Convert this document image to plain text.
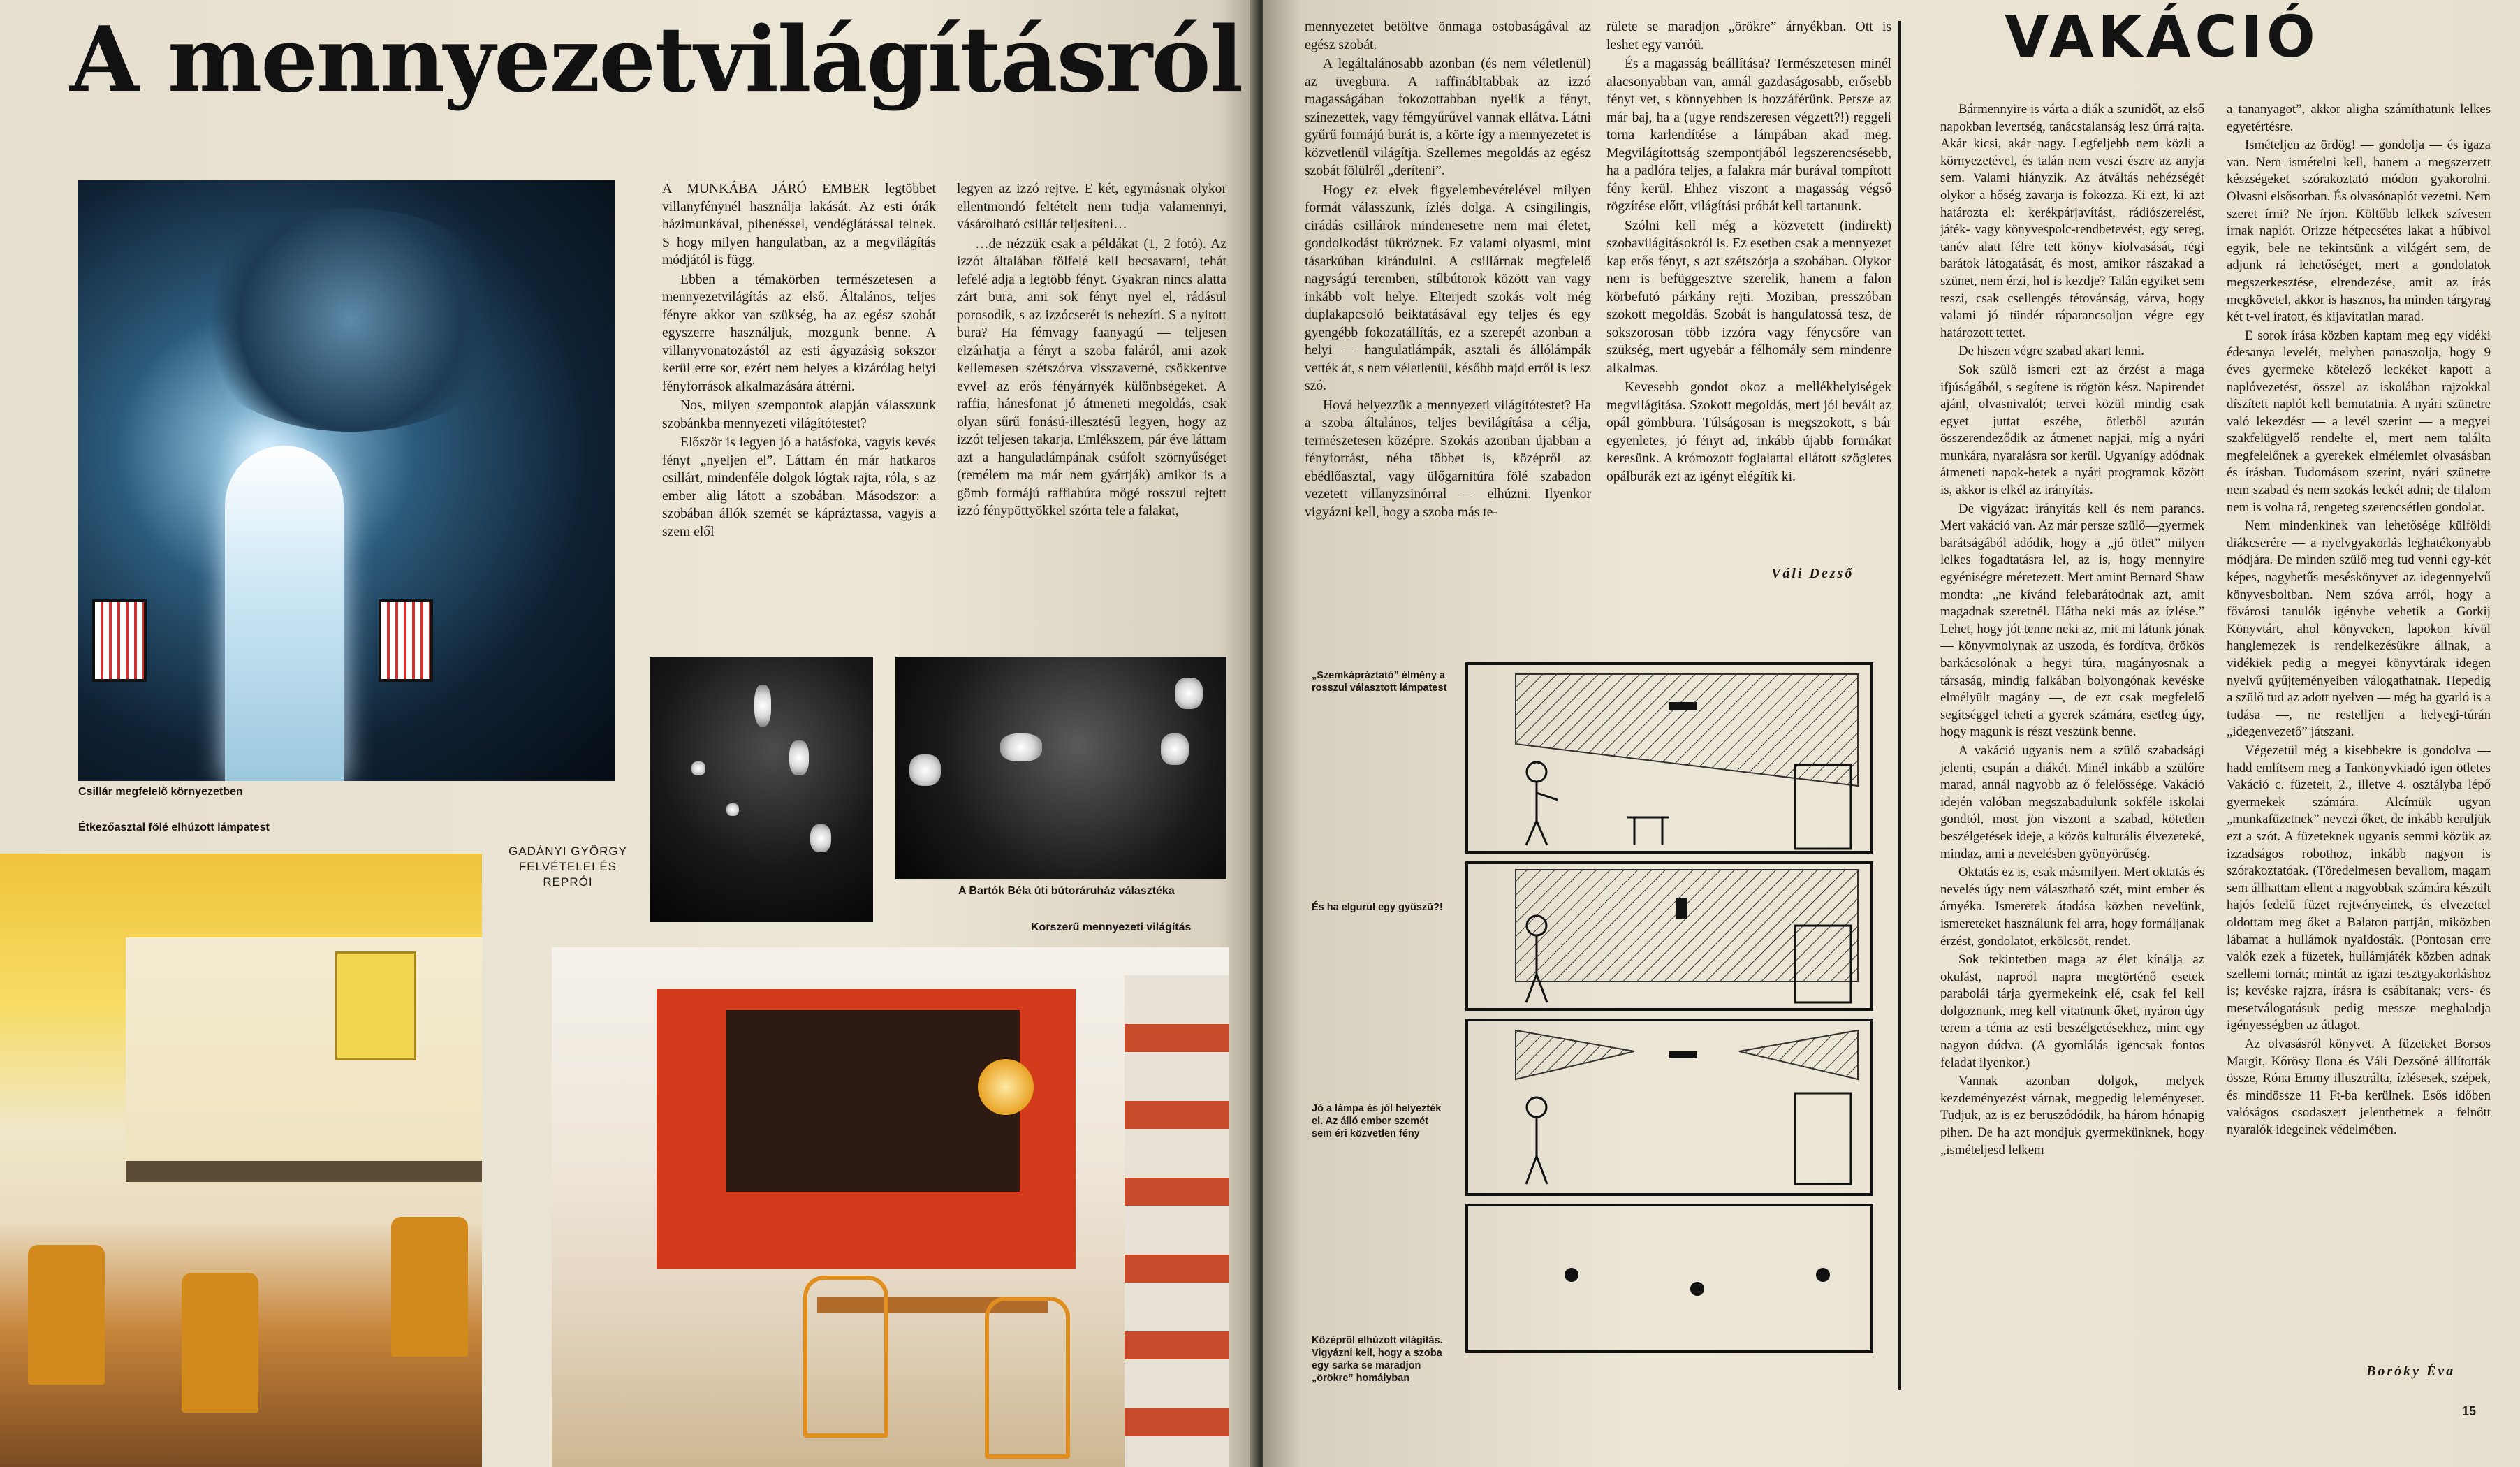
A mennyezetvilágításról
Csillár megfelelő környezetben
Étkezőasztal fölé elhúzott lámpatest

A MUNKÁBA JÁRÓ EMBER legtöbbet villanyfénynél használja lakását. Az esti órák házimunkával, pihenéssel, vendéglátással telnek. S hogy milyen hangulatban, az a megvilágítás módjától is függ.

Ebben a témakörben természetesen a mennyezetvilágítás az első. Általános, teljes fényre akkor van szükség, ha az egész szobát egyszerre használjuk, mozgunk benne. A villanyvonatozástól az esti ágyazásig sokszor kerül erre sor, ezért nem helyes a kizárólag helyi fényforrások alkalmazására áttérni.

Nos, milyen szempontok alapján válasszunk szobánkba mennyezeti világítótestet?

Először is legyen jó a hatásfoka, vagyis kevés fényt „nyeljen el”. Láttam én már hatkaros csillárt, mindenféle dolgok lógtak rajta, róla, s az ember alig látott a szobában. Másodszor: a szobában állók szemét se kápráztassa, vagyis a szem elől

legyen az izzó rejtve. E két, egymásnak olykor ellentmondó feltételt nem tudja valamennyi, vásárolható csillár teljesíteni…

…de nézzük csak a példákat (1, 2 fotó). Az izzót általában fölfelé kell becsavarni, tehát lefelé adja a legtöbb fényt. Gyakran nincs alatta zárt bura, ami sok fényt nyel el, rádásul porosodik, s az izzócserét is nehezíti. S a nyitott bura? Ha fémvagy faanyagú — teljesen elzárhatja a fényt a szoba faláról, ami azok kellemesen szétszórva visszaverné, csökkentve evvel az erős fényárnyék különbségeket. A raffia, hánesfonat jó átmeneti megoldás, csak olyan sűrű fonású-illesztésű legyen, hogy az izzót teljesen takarja. Emlékszem, pár éve láttam azt a hangulatlámpának csúfolt szörnyűséget (remélem ma már nem gyártják) amikor is a gömb formájú raffiabúra mögé rosszul rejtett izzó fénypöttyökkel szórta tele a falakat,

A Bartók Béla úti bútoráruház választéka
Korszerű mennyezeti világítás
GADÁNYI GYÖRGY FELVÉTELEI ÉS REPRÓI

mennyezetet betöltve önmaga ostobaságával az egész szobát.

A legáltalánosabb azonban (és nem véletlenül) az üvegbura. A raffinábltabbak az izzó magasságában fokozottabban nyelik a fényt, színezettek, vagy fémgyűrűvel vannak ellátva. Látni gyűrű formájú burát is, a körte így a mennyezetet is közvetlenül világítja. Szellemes megoldás az egész szobát fölülről „deríteni”.

Hogy ez elvek figyelembevételével milyen formát válasszunk, ízlés dolga. A csingilingis, cirádás csillárok mindenesetre nem mai életet, gondolkodást tükröznek. Ez valami olyasmi, mint tásarkúban kirándulni. A csillárnak megfelelő nagyságú teremben, stílbútorok között van vagy inkább volt helye. Elterjedt szokás volt még duplakapcsoló beiktatásával egy teljes és egy gyengébb fokozatállítás, ez a szerepét azonban a helyi — hangulatlámpák, asztali és állólámpák vették át, s nem véletlenül, később majd erről is lesz szó.

Hová helyezzük a mennyezeti világítótestet? Ha a szoba általános, teljes bevilágítása a célja, természetesen középre. Szokás azonban újabban a fényforrást, néha többet is, középről az ebédlőasztal, vagy ülőgarnitúra fölé szabadon vezetett villanyzsinórral — elhúzni. Ilyenkor vigyázni kell, hogy a szoba más te-

rülete se maradjon „örökre” árnyékban. Ott is leshet egy varróü.

És a magasság beállítása? Természetesen minél alacsonyabban van, annál gazdaságosabb, erősebb fényt vet, s könnyebben is hozzáférünk. Persze az már baj, ha a (ugye rendszeresen végzett?!) reggeli torna karlendítése a lámpában akad meg. Megvilágítottság szempontjából legszerencsésebb, ha a padlóra teljes, a falakra már burával tompított fény kerül. Ehhez viszont a magasság végső rögzítése előtt, világítási próbát kell tartanunk.

Szólni kell még a közvetett (indirekt) szobavilágításokról is. Ez esetben csak a mennyezet kap erős fényt, s azt szétszórja a szobában. Olykor nem is befüggesztve szerelik, hanem a falon körbefutó párkány rejti. Moziban, presszóban szokott megoldás. Szobát is hangulatossá tesz, de sokszorosan több izzóra vagy fénycsőre van szükség, mert ugyebár a félhomály sem mindenre alkalmas.

Kevesebb gondot okoz a mellékhelyiségek megvilágítása. Szokott megoldás, mert jól bevált az opál gömbbura. Túlságosan is megszokott, s bár egyenletes, jó fényt ad, inkább újabb formákat keresünk. A krómozott foglalattal ellátott szögletes opálburák ezt az igényt elégítik ki.

Váli Dezső
„Szemkápráztató” élmény a rosszul választott lámpatest
És ha elgurul egy gyűszű?!
Jó a lámpa és jól helyezték el. Az álló ember szemét sem éri közvetlen fény
Középről elhúzott világítás. Vigyázni kell, hogy a szoba egy sarka se maradjon „örökre” homályban
VAKÁCIÓ

Bármennyire is várta a diák a szünidőt, az első napokban levertség, tanácstalanság lesz úrrá rajta. Akár kicsi, akár nagy. Legfeljebb nem közli a környezetével, és talán nem veszi észre az anyja sem. Valami hiányzik. Az átváltás nehézségét olykor a hőség zavarja is fokozza. Ki ezt, ki azt határozta el: kerékpárjavítást, rádiószerelést, játék- vagy könyvespolc-rendbetevést, egy sereg, tanév alatt félre tett könyv kiolvasását, régi barátok látogatását, és most, amikor rászakad a szünet, nem érzi, hol is kezdje? Talán egyiket sem teszi, csak csellengés tétovánság, várva, hogy valami jó tündér ráparancsoljon végre egy határozott tettet.

De hiszen végre szabad akart lenni.

Sok szülő ismeri ezt az érzést a maga ifjúságából, s segítene is rögtön kész. Napirendet ajánl, olvasnivalót; tervei közül mindig csak egyet juttat eszébe, ötletből azután összerendeződik az átmenet napjai, míg a nyári munkára, nyaralásra sor kerül. Ugyanígy adódnak átmeneti napok-hetek a nyári programok között is, akkor is elkél az irányítás.

De vigyázat: irányítás kell és nem parancs. Mert vakáció van. Az már persze szülő—gyermek barátságából adódik, hogy a „jó ötlet” milyen lelkes fogadtatásra lel, az is, hogy mennyire egyéniségre méretezett. Mert amint Bernard Shaw mondta: „ne kívánd felebarátodnak azt, amit magadnak szeretnél. Hátha neki más az ízlése.” Lehet, hogy jót tenne neki az, mit mi látunk jónak — könyvmolynak az uszoda, és fordítva, örökös barkácsolónak a hegyi túra, magányosnak a társaság, mindig falkában bolyongónak kevéske elmélyült magány —, de ezt csak megfelelő segítséggel teheti a gyerek számára, esetleg úgy, hogy magunk is részt veszünk benne.

A vakáció ugyanis nem a szülő szabadsági jelenti, csupán a diákét. Minél inkább a szülőre marad, annál nagyobb az ő felelőssége. Vakáció idején valóban megszabadulunk sokféle iskolai gondtól, most jön viszont a szabad, kötetlen beszélgetések ideje, a közös kulturális élvezeteké, mindaz, ami a nevelésben gyönyörűség.

Oktatás ez is, csak másmilyen. Mert oktatás és nevelés úgy nem választható szét, mint ember és árnyéka. Ismeretek átadása közben nevelünk, ismereteket használunk fel arra, hogy formáljanak érzést, gondolatot, erkölcsöt, rendet.

Sok tekintetben maga az élet kínálja az okulást, naproól napra megtörténő esetek parabolái tárja gyermekeink elé, csak fel kell dolgoznunk, meg kell vitatnunk őket, nyáron úgy terem a téma az esti beszélgetésekhez, mint egy nagyon dúdva. (A gyomlálás igencsak fontos feladat ilyenkor.)

Vannak azonban dolgok, melyek kezdeményezést várnak, megpedig leleményeset. Tudjuk, az is ez beruszódódik, ha három hónapig pihen. De ha azt mondjuk gyermekünknek, hogy „ismételjesd lelkem

a tananyagot”, akkor aligha számíthatunk lelkes egyetértésre.

Ismételjen az ördög! — gondolja — és igaza van. Nem ismételni kell, hanem a megszerzett készségeket szórakoztató módon gyakorolni. Olvasni elsősorban. És olvasónaplót vezetni. Nem szeret írni? Ne írjon. Költőbb lelkek szívesen írnak naplót. Orizze hétpecsétes lakat a hűbívol egyik, bele ne tekintsünk a világért sem, de adjunk rá lehetőséget, mert a gondolatok megszerkesztése, elrendezése, amit az írás megkövetel, akkor is hasznos, ha minden tárgyrag két t-vel íratott, és kijavítatlan marad.

E sorok írása közben kaptam meg egy vidéki édesanya levelét, melyben panaszolja, hogy 9 éves gyermeke kötelező leckéket kapott a naplóvezetést, összel az iskolában rajzokkal díszített naplót kell bemutatnia. A nyári szünetre való lekezdést — a levél szerint — a megyei szakfelügyelő rendelte el, mert nem találta megfelelőnek a gyerekek elmélemlet olvasásban és írásban. Tudomásom szerint, nyári szünetre nem szabad és nem szokás leckét adni; de tilalom nem is volna rá, rengeteg szerencsétlen gondolat.

Nem mindenkinek van lehetősége külföldi diákcserére — a nyelvgyakorlás leghatékonyabb módjára. De minden szülő meg tud venni egy-két képes, nagybetűs meséskönyvet az idegennyelvű könyvesboltban. Nem szóva arról, hogy a fővárosi tanulók igénybe vehetik a Gorkij Könyvtárt, ahol könyveken, lapokon kívül hanglemezek is rendelkezésükre állnak, a vidékiek pedig a megyei könyvtárak idegen nyelvű gyűjteményeiben válogathatnak. Hepedig a szülő tud az adott nyelven — még ha gyarló is a tudása —, ne restelljen a helyegi-túrán „idegenvezető” játszani.

Végezetül még a kisebbekre is gondolva — hadd említsem meg a Tankönyvkiadó igen ötletes Vakáció c. füzeteit, 2., illetve 4. osztályba lépő gyermekek számára. Alcímük ugyan „munkafüzetnek” nevezi őket, de inkább kerüljük ezt a szót. A füzeteknek ugyanis semmi közük az izzadságos robothoz, inkább nagyon is szórakoztatóak. (Töredelmesen bevallom, magam sem állhattam ellent a nagyobbak számára készült hajós fedelű füzet rejtvényeinek, és elvezettel oldottam meg őket a Balaton partján, miközben lábamat a hullámok nyaldosták. (Pontosan erre valók ezek a füzetek, hullámjáték közben adnak szellemi tornát; mintát az igazi tesztgyakorláshoz is; kevéske rajzra, írásra is csábítanak; vers- és mesetválogatásuk pedig messze meghaladja igényességben az átlagot.

Az olvasásról könyvet. A füzeteket Borsos Margit, Kőrösy Ilona és Váli Dezsőné állították össze, Róna Emmy illusztrálta, ízlésesek, szépek, és mindössze 11 Ft-ba kerülnek. Esős időben valóságos csodaszert jelenthetnek a felnőtt nyaralók idegeinek védelmében.

Boróky Éva
15
